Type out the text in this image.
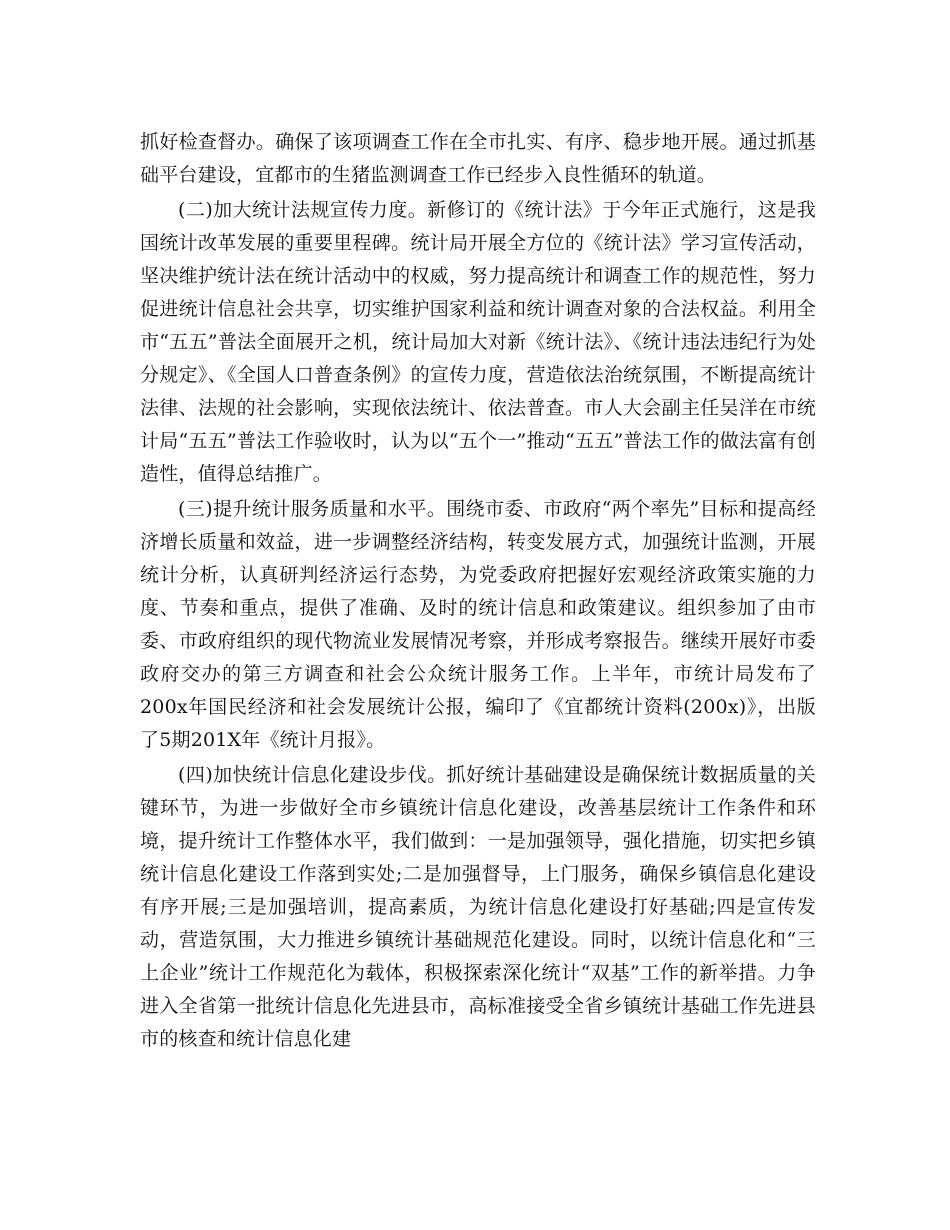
抓好检查督办。确保了该项调查工作在全市扎实、有序、稳步地开展。通过抓基础平台建设，宜都市的生猪监测调查工作已经步入良性循环的轨道。

(二)加大统计法规宣传力度。新修订的《统计法》于今年正式施行，这是我国统计改革发展的重要里程碑。统计局开展全方位的《统计法》学习宣传活动，坚决维护统计法在统计活动中的权威，努力提高统计和调查工作的规范性，努力促进统计信息社会共享，切实维护国家利益和统计调查对象的合法权益。利用全市“五五”普法全面展开之机，统计局加大对新《统计法》、《统计违法违纪行为处分规定》、《全国人口普查条例》的宣传力度，营造依法治统氛围，不断提高统计法律、法规的社会影响，实现依法统计、依法普查。市人大会副主任吴洋在市统计局“五五”普法工作验收时，认为以“五个一”推动“五五”普法工作的做法富有创造性，值得总结推广。

(三)提升统计服务质量和水平。围绕市委、市政府“两个率先”目标和提高经济增长质量和效益，进一步调整经济结构，转变发展方式，加强统计监测，开展统计分析，认真研判经济运行态势，为党委政府把握好宏观经济政策实施的力度、节奏和重点，提供了准确、及时的统计信息和政策建议。组织参加了由市委、市政府组织的现代物流业发展情况考察，并形成考察报告。继续开展好市委政府交办的第三方调查和社会公众统计服务工作。上半年，市统计局发布了200x年国民经济和社会发展统计公报，编印了《宜都统计资料(200x)》，出版了5期201X年《统计月报》。

(四)加快统计信息化建设步伐。抓好统计基础建设是确保统计数据质量的关键环节，为进一步做好全市乡镇统计信息化建设，改善基层统计工作条件和环境，提升统计工作整体水平，我们做到：一是加强领导，强化措施，切实把乡镇统计信息化建设工作落到实处;二是加强督导，上门服务，确保乡镇信息化建设有序开展;三是加强培训，提高素质，为统计信息化建设打好基础;四是宣传发动，营造氛围，大力推进乡镇统计基础规范化建设。同时，以统计信息化和“三上企业”统计工作规范化为载体，积极探索深化统计“双基”工作的新举措。力争进入全省第一批统计信息化先进县市，高标准接受全省乡镇统计基础工作先进县市的核查和统计信息化建
